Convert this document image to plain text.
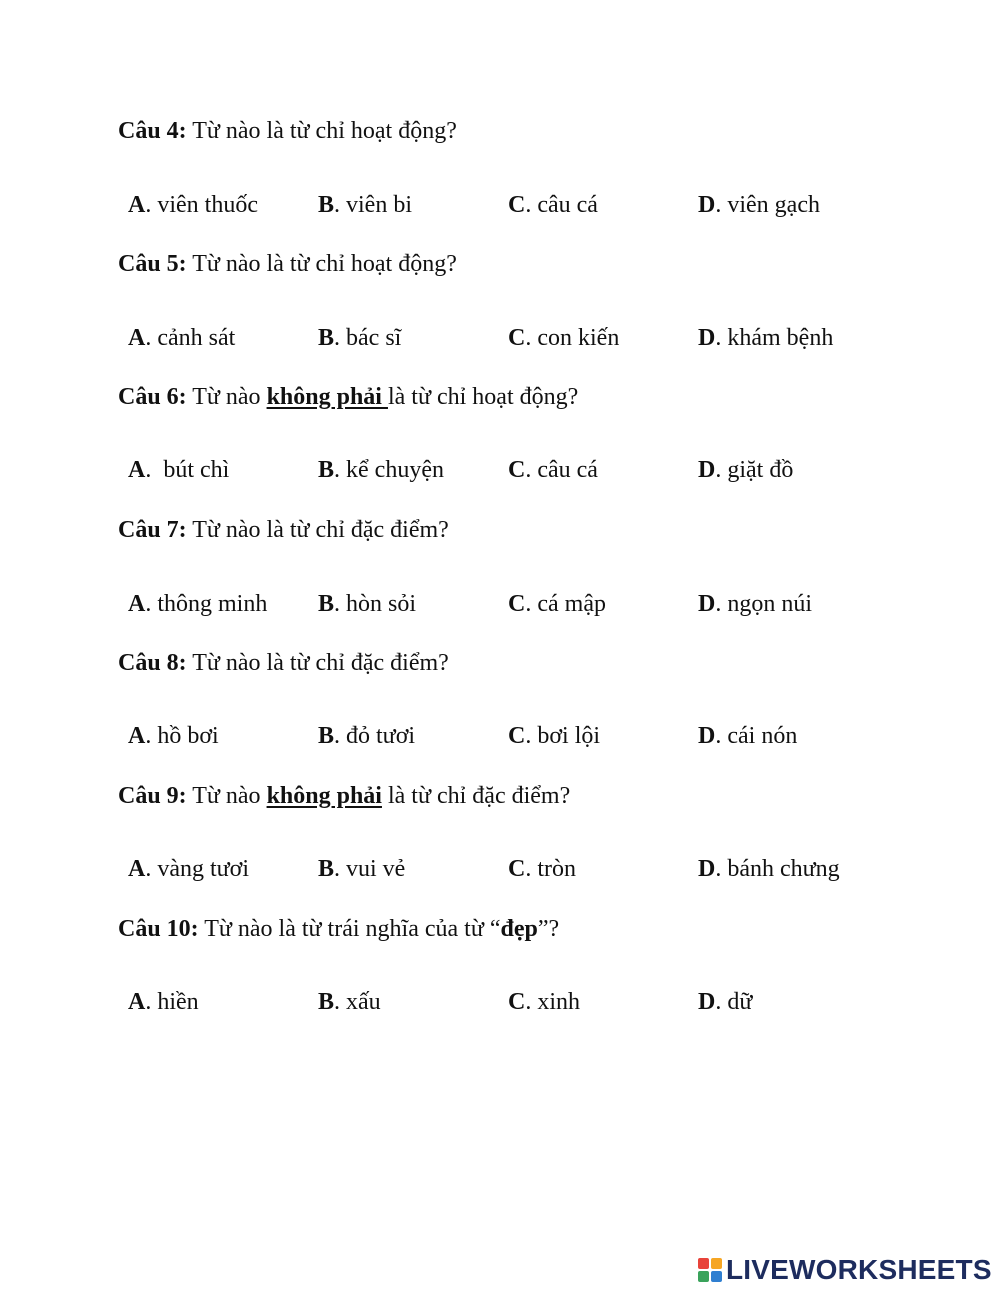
Câu 4: Từ nào là từ chỉ hoạt động?
A. viên thuốc	B. viên bi	C. câu cá	D. viên gạch
Câu 5: Từ nào là từ chỉ hoạt động?
A. cảnh sát	B. bác sĩ	C. con kiến	D. khám bệnh
Câu 6: Từ nào không phải là từ chỉ hoạt động?
A.  bút chì	B. kể chuyện	C. câu cá	D. giặt đồ
Câu 7: Từ nào là từ chỉ đặc điểm?
A. thông minh B. hòn sỏi	C. cá mập	D. ngọn núi
Câu 8: Từ nào là từ chỉ đặc điểm?
A. hồ bơi	B. đỏ tươi	C. bơi lội	D. cái nón
Câu 9: Từ nào không phải là từ chỉ đặc điểm?
A. vàng tươi	B. vui vẻ	C. tròn	D. bánh chưng
Câu 10: Từ nào là từ trái nghĩa của từ “đẹp”?
A. hiền	B. xấu	C. xinh	D. dữ
LIVEWORKSHEETS
